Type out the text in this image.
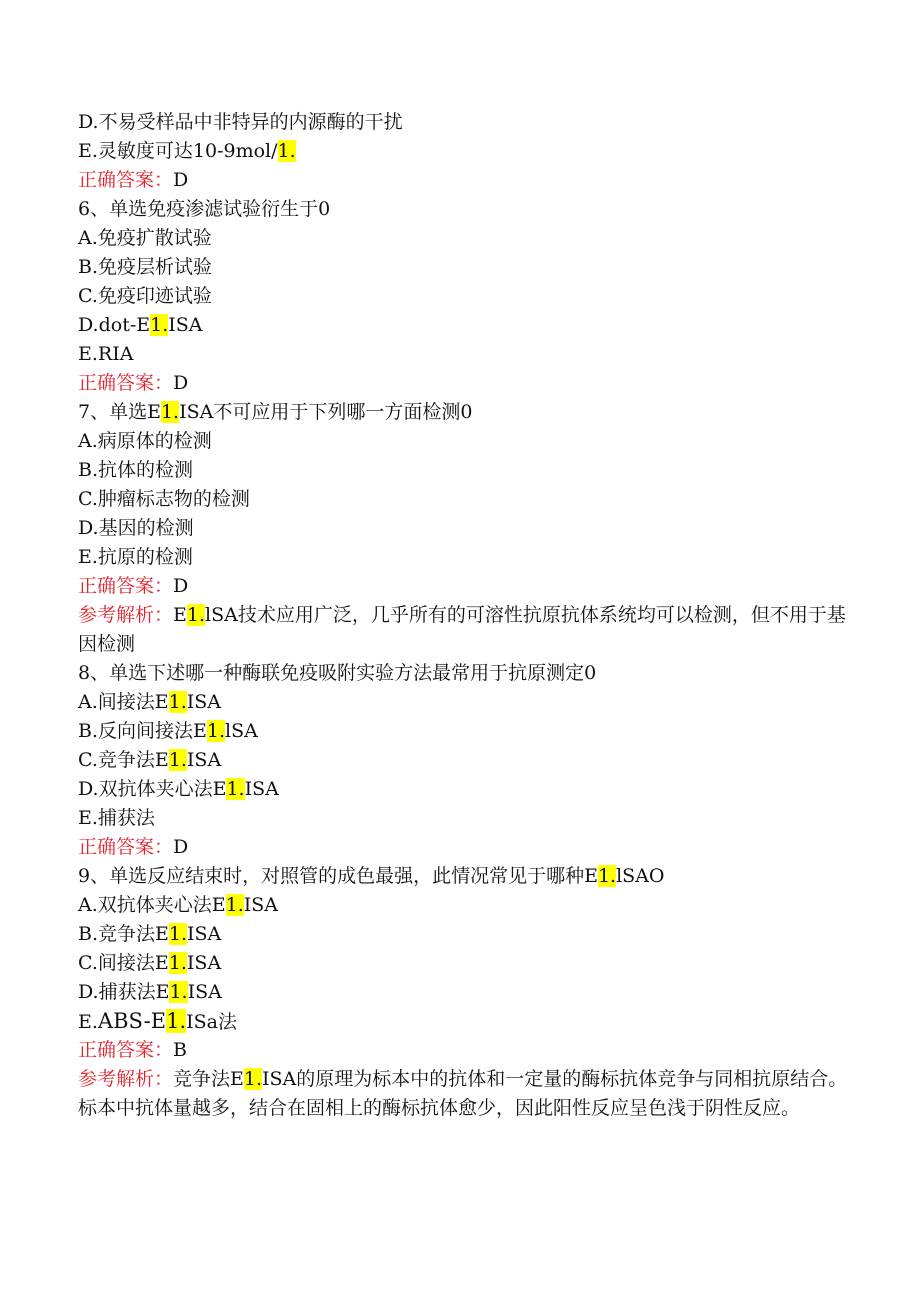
D.不易受样品中非特异的内源酶的干扰
E.灵敏度可达10-9mol/1.
正确答案：D
6、单选免疫渗滤试验衍生于0
A.免疫扩散试验
B.免疫层析试验
C.免疫印迹试验
D.dot-E1.ISA
E.RIA
正确答案：D
7、单选E1.ISA不可应用于下列哪一方面检测0
A.病原体的检测
B.抗体的检测
C.肿瘤标志物的检测
D.基因的检测
E.抗原的检测
正确答案：D
参考解析：E1.lSA技术应用广泛，几乎所有的可溶性抗原抗体系统均可以检测，但不用于基因检测
8、单选下述哪一种酶联免疫吸附实验方法最常用于抗原测定0
A.间接法E1.ISA
B.反向间接法E1.lSA
C.竞争法E1.ISA
D.双抗体夹心法E1.ISA
E.捕获法
正确答案：D
9、单选反应结束时，对照管的成色最强，此情况常见于哪种E1.lSAO
A.双抗体夹心法E1.ISA
B.竞争法E1.ISA
C.间接法E1.ISA
D.捕获法E1.ISA
E.ABS-E1.ISa法
正确答案：B
参考解析：竞争法E1.ISA的原理为标本中的抗体和一定量的酶标抗体竞争与同相抗原结合。标本中抗体量越多，结合在固相上的酶标抗体愈少，因此阳性反应呈色浅于阴性反应。
